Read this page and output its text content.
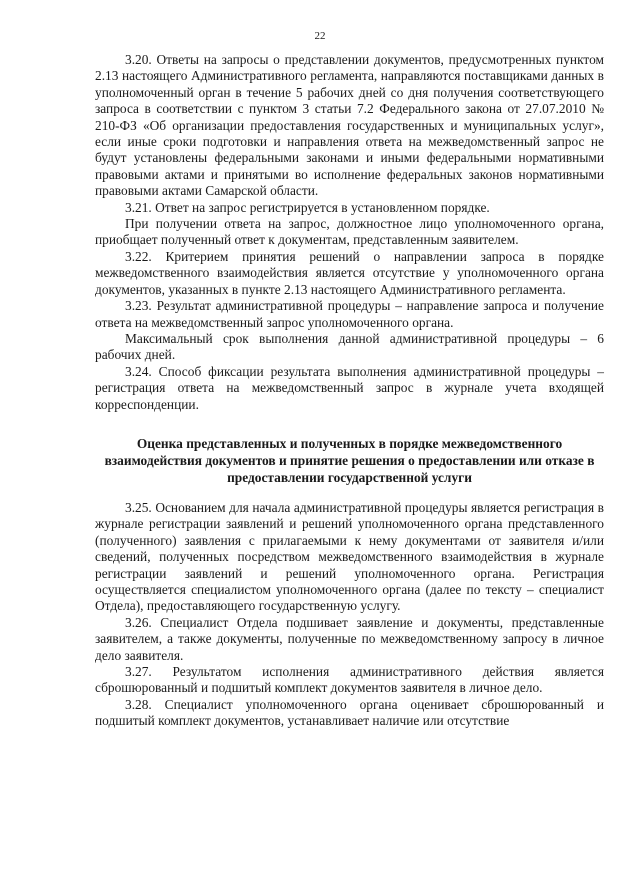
22

3.20. Ответы на запросы о представлении документов, предусмотренных пунктом 2.13 настоящего Административного регламента, направляются поставщиками данных в уполномоченный орган в течение 5 рабочих дней со дня получения соответствующего запроса в соответствии с пунктом 3 статьи 7.2 Федерального закона от 27.07.2010 № 210-ФЗ «Об организации предоставления государственных и муниципальных услуг», если иные сроки подготовки и направления ответа на межведомственный запрос не будут установлены федеральными законами и иными федеральными нормативными правовыми актами и принятыми во исполнение федеральных законов нормативными правовыми актами Самарской области.

3.21. Ответ на запрос регистрируется в установленном порядке.

При получении ответа на запрос, должностное лицо уполномоченного органа, приобщает полученный ответ к документам, представленным заявителем.

3.22. Критерием принятия решений о направлении запроса в порядке межведомственного взаимодействия является отсутствие у уполномоченного органа документов, указанных в пункте 2.13 настоящего Административного регламента.

3.23. Результат административной процедуры – направление запроса и получение ответа на межведомственный запрос уполномоченного органа.

Максимальный срок выполнения данной административной процедуры – 6 рабочих дней.

3.24. Способ фиксации результата выполнения административной процедуры – регистрация ответа на межведомственный запрос в журнале учета входящей корреспонденции.

Оценка представленных и полученных в порядке межведомственного взаимодействия документов и принятие решения о предоставлении или отказе в предоставлении государственной услуги

3.25. Основанием для начала административной процедуры является регистрация в журнале регистрации заявлений и решений уполномоченного органа представленного (полученного) заявления с прилагаемыми к нему документами от заявителя и/или сведений, полученных посредством межведомственного взаимодействия в журнале регистрации заявлений и решений уполномоченного органа. Регистрация осуществляется специалистом уполномоченного органа (далее по тексту – специалист Отдела), предоставляющего государственную услугу.

3.26. Специалист Отдела подшивает заявление и документы, представленные заявителем, а также документы, полученные по межведомственному запросу в личное дело заявителя.

3.27. Результатом исполнения административного действия является сброшюрованный и подшитый комплект документов заявителя в личное дело.

3.28. Специалист уполномоченного органа оценивает сброшюрованный и подшитый комплект документов, устанавливает наличие или отсутствие
